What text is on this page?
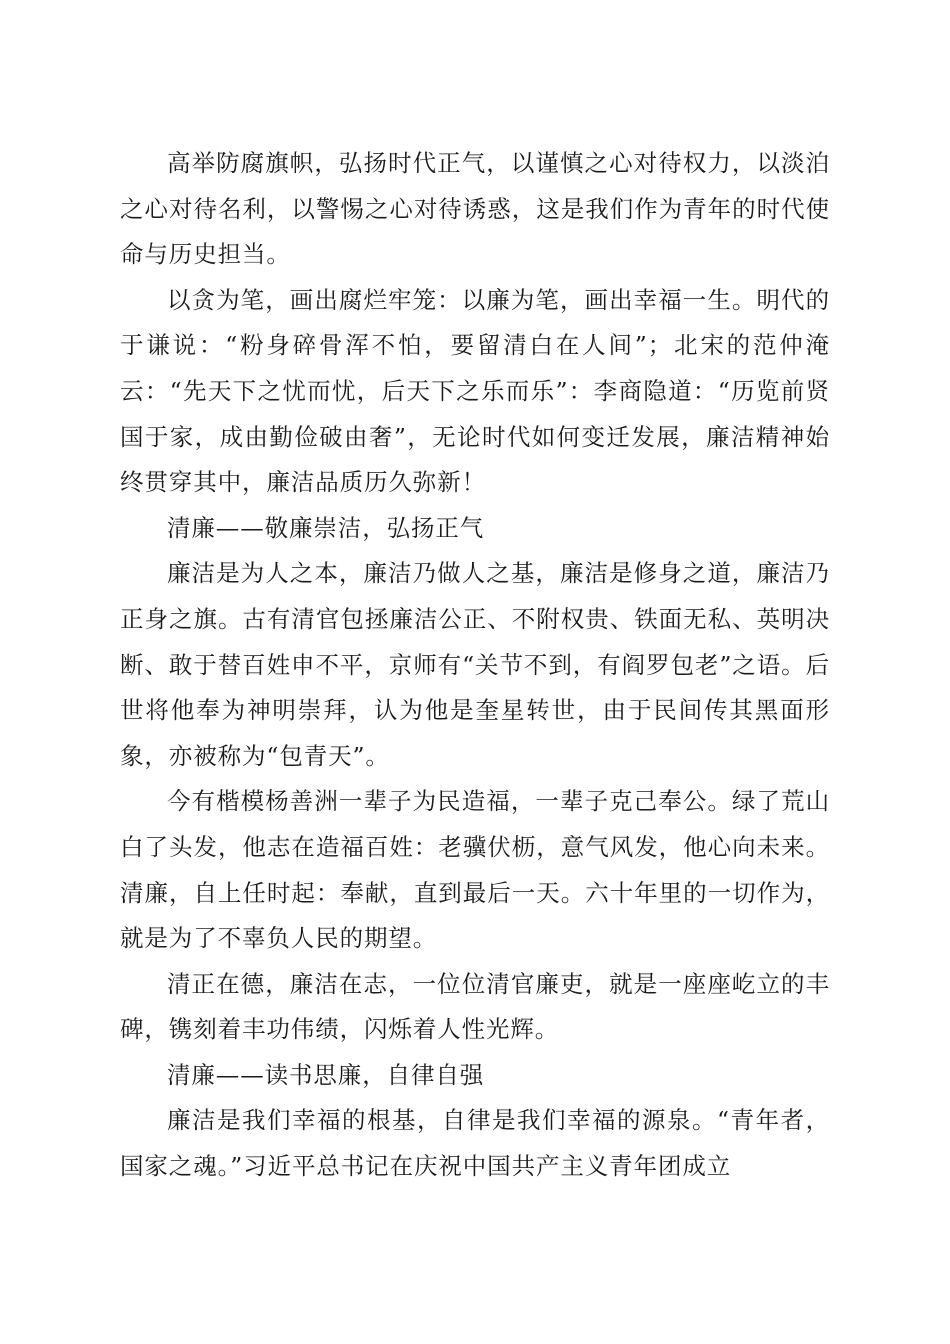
高举防腐旗帜，弘扬时代正气，以谨慎之心对待权力，以淡泊之心对待名利，以警惕之心对待诱惑，这是我们作为青年的时代使命与历史担当。

以贪为笔，画出腐烂牢笼：以廉为笔，画出幸福一生。明代的于谦说：“粉身碎骨浑不怕，要留清白在人间”；北宋的范仲淹云：“先天下之忧而忧，后天下之乐而乐”：李商隐道：“历览前贤国于家，成由勤俭破由奢”，无论时代如何变迁发展，廉洁精神始终贯穿其中，廉洁品质历久弥新！

清廉——敬廉崇洁，弘扬正气

廉洁是为人之本，廉洁乃做人之基，廉洁是修身之道，廉洁乃正身之旗。古有清官包拯廉洁公正、不附权贵、铁面无私、英明决断、敢于替百姓申不平，京师有“关节不到，有阎罗包老”之语。后世将他奉为神明崇拜，认为他是奎星转世，由于民间传其黑面形象，亦被称为“包青天”。

今有楷模杨善洲一辈子为民造福，一辈子克己奉公。绿了荒山白了头发，他志在造福百姓：老骥伏枥，意气风发，他心向未来。清廉，自上任时起：奉献，直到最后一天。六十年里的一切作为，就是为了不辜负人民的期望。

清正在德，廉洁在志，一位位清官廉吏，就是一座座屹立的丰碑，镌刻着丰功伟绩，闪烁着人性光辉。

清廉——读书思廉，自律自强

廉洁是我们幸福的根基，自律是我们幸福的源泉。“青年者，国家之魂。”习近平总书记在庆祝中国共产主义青年团成立
